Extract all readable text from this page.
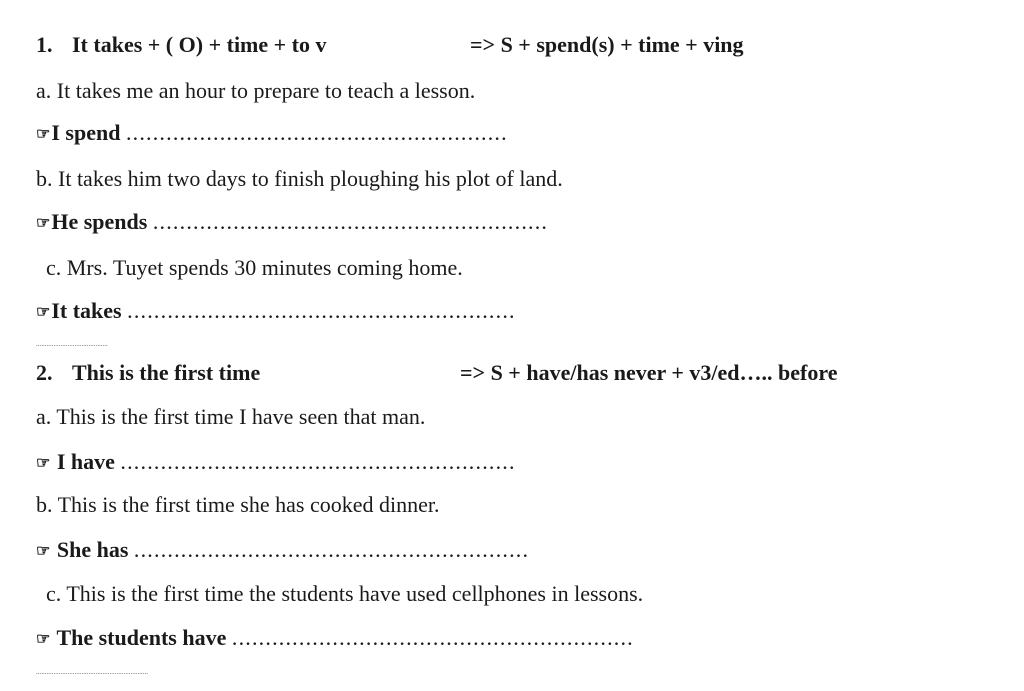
1. It takes + ( O) + time + to v	=> S + spend(s) + time + ving
a. It takes me an hour to prepare to teach a lesson.
☞I spend .........................................................
b. It takes him two days to finish ploughing his plot of land.
☞He spends ...........................................................
c. Mrs. Tuyet spends 30 minutes coming home.
☞It takes ..........................................................
.........................................
2. This is the first time	=> S + have/has never + v3/ed….. before
a. This is the first time I have seen that man.
☞ I have ...........................................................
b. This is the first time she has cooked dinner.
☞ She has ...........................................................
c. This is the first time the students have used cellphones in lessons.
☞ The students have ............................................................
................................................................
